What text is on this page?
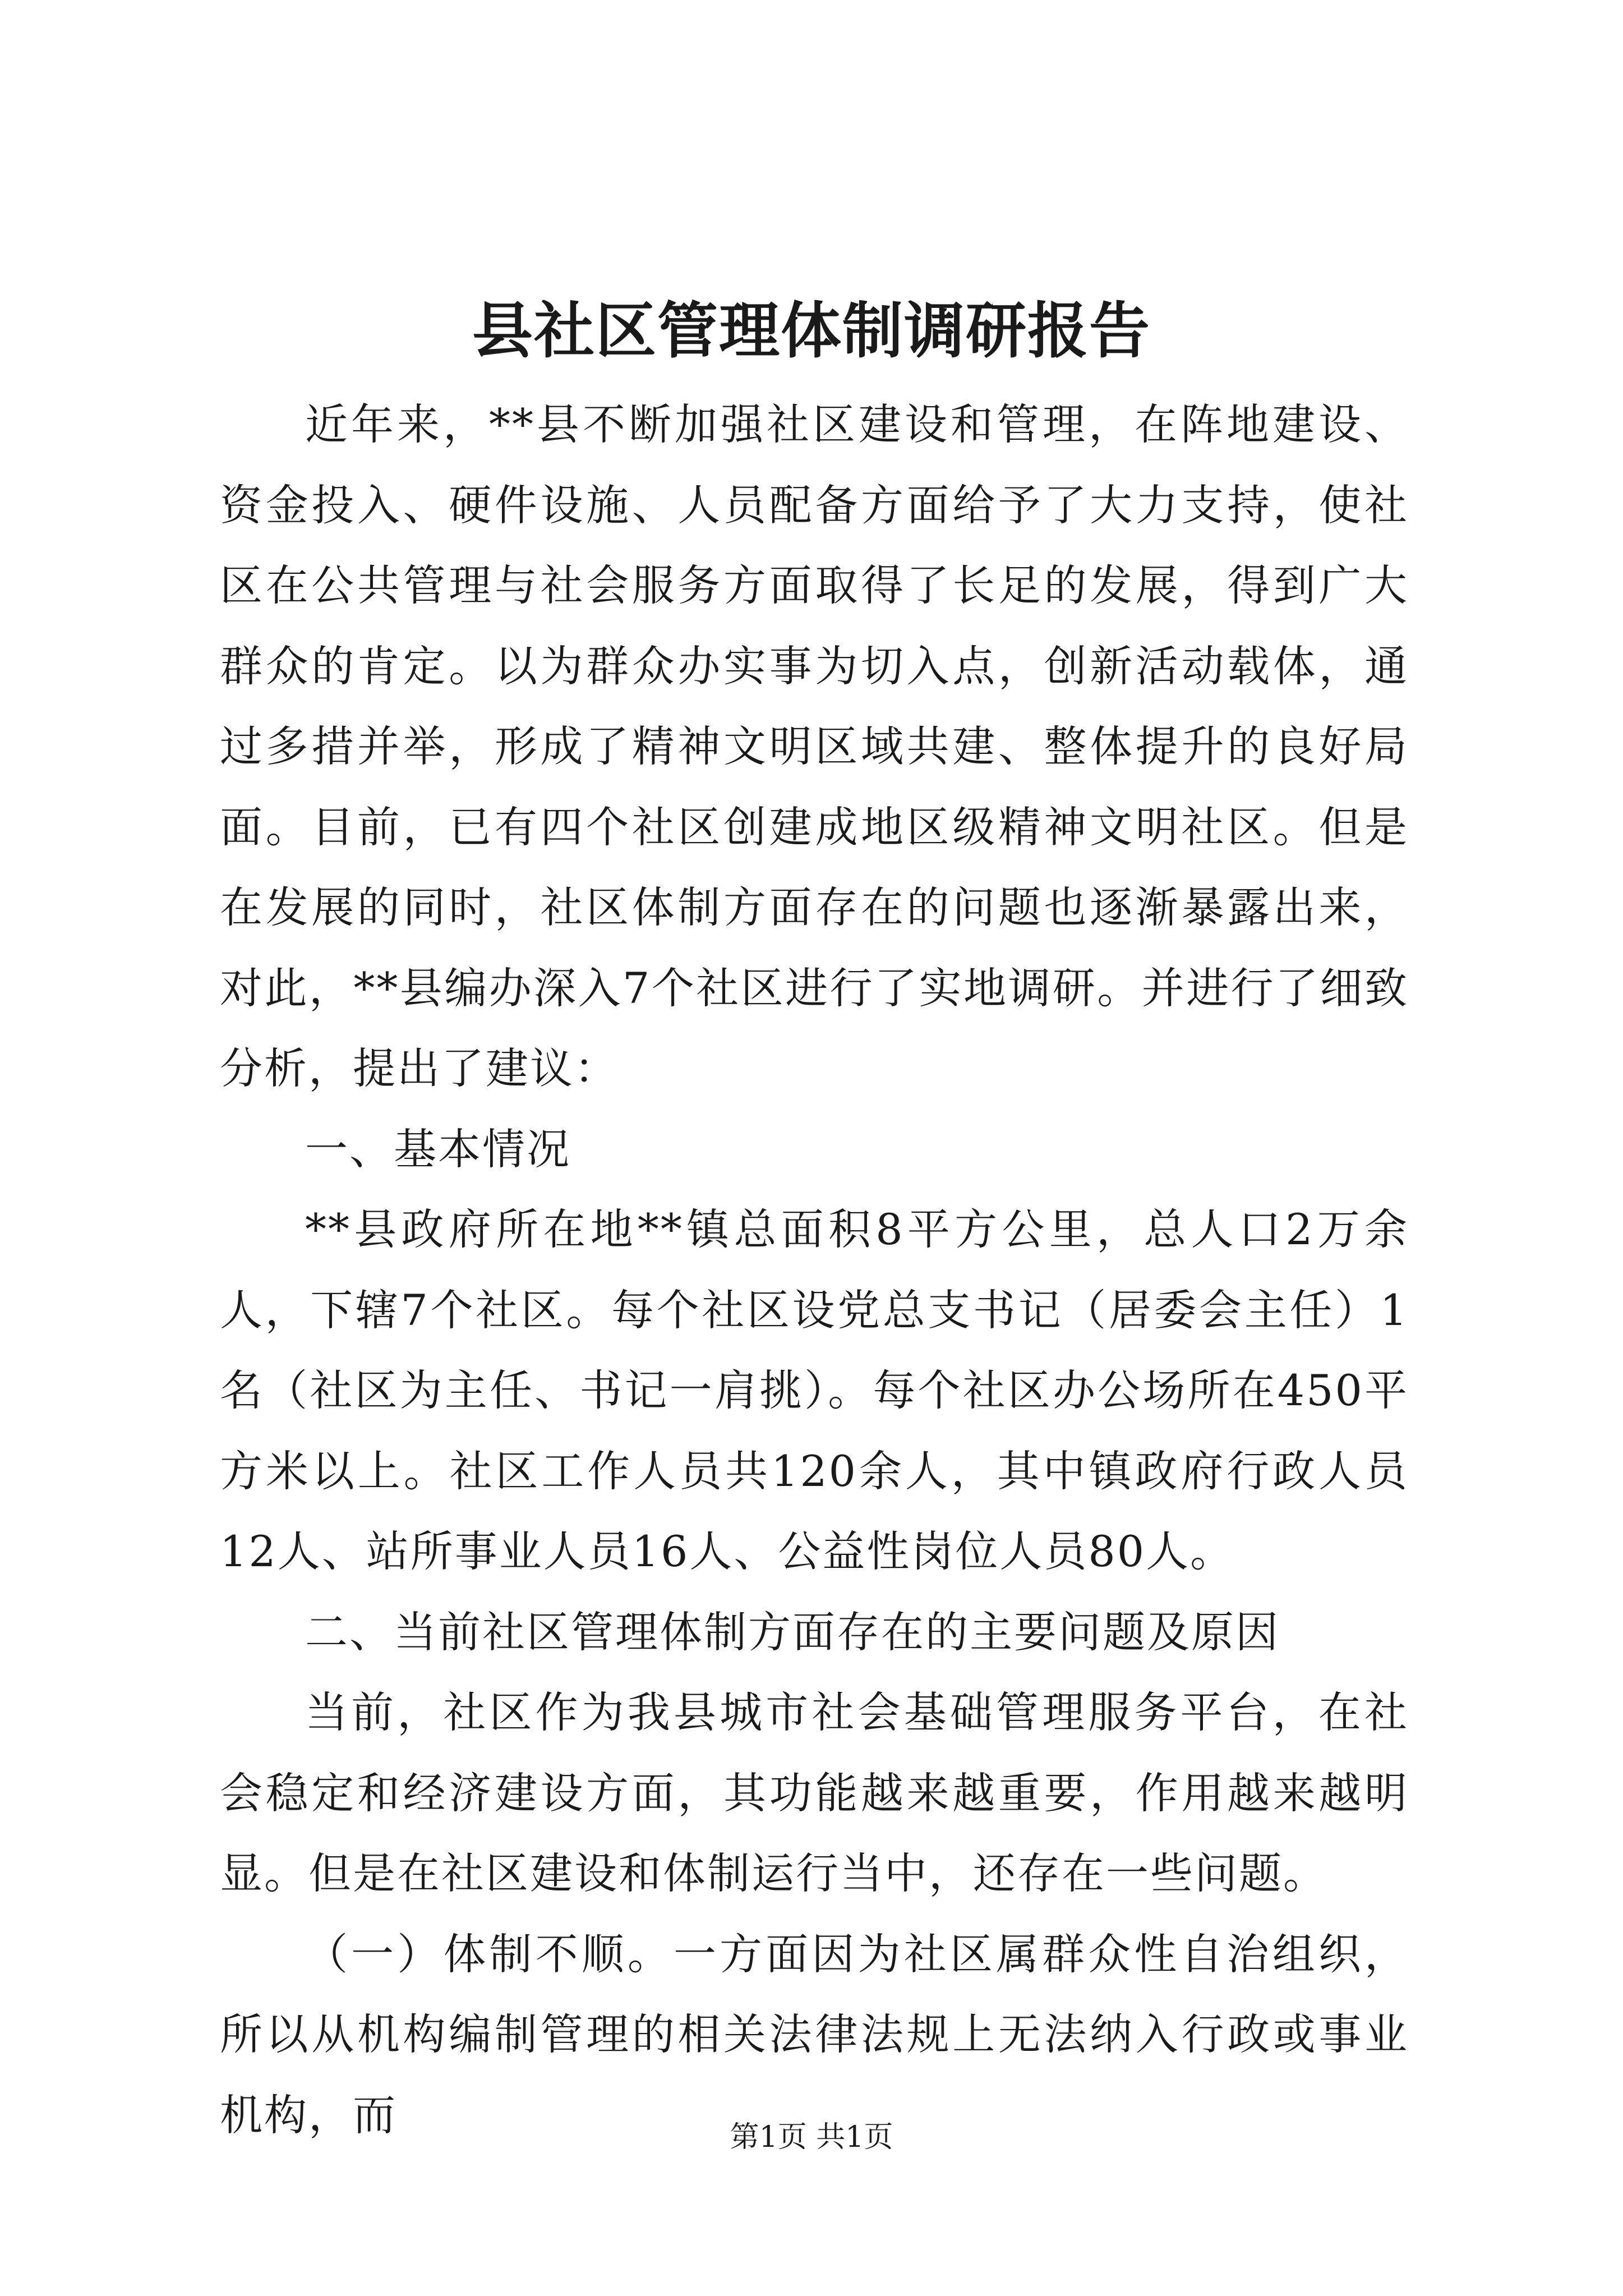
县社区管理体制调研报告

近年来，**县不断加强社区建设和管理，在阵地建设、资金投入、硬件设施、人员配备方面给予了大力支持，使社区在公共管理与社会服务方面取得了长足的发展，得到广大群众的肯定。以为群众办实事为切入点，创新活动载体，通过多措并举，形成了精神文明区域共建、整体提升的良好局面。目前，已有四个社区创建成地区级精神文明社区。但是在发展的同时，社区体制方面存在的问题也逐渐暴露出来，对此，**县编办深入7个社区进行了实地调研。并进行了细致分析，提出了建议：

一、基本情况

**县政府所在地**镇总面积8平方公里，总人口2万余人，下辖7个社区。每个社区设党总支书记（居委会主任）1名（社区为主任、书记一肩挑）。每个社区办公场所在450平方米以上。社区工作人员共120余人，其中镇政府行政人员12人、站所事业人员16人、公益性岗位人员80人。

二、当前社区管理体制方面存在的主要问题及原因

当前，社区作为我县城市社会基础管理服务平台，在社会稳定和经济建设方面，其功能越来越重要，作用越来越明显。但是在社区建设和体制运行当中，还存在一些问题。

（一）体制不顺。一方面因为社区属群众性自治组织，所以从机构编制管理的相关法律法规上无法纳入行政或事业机构，而	第1页 共1页
